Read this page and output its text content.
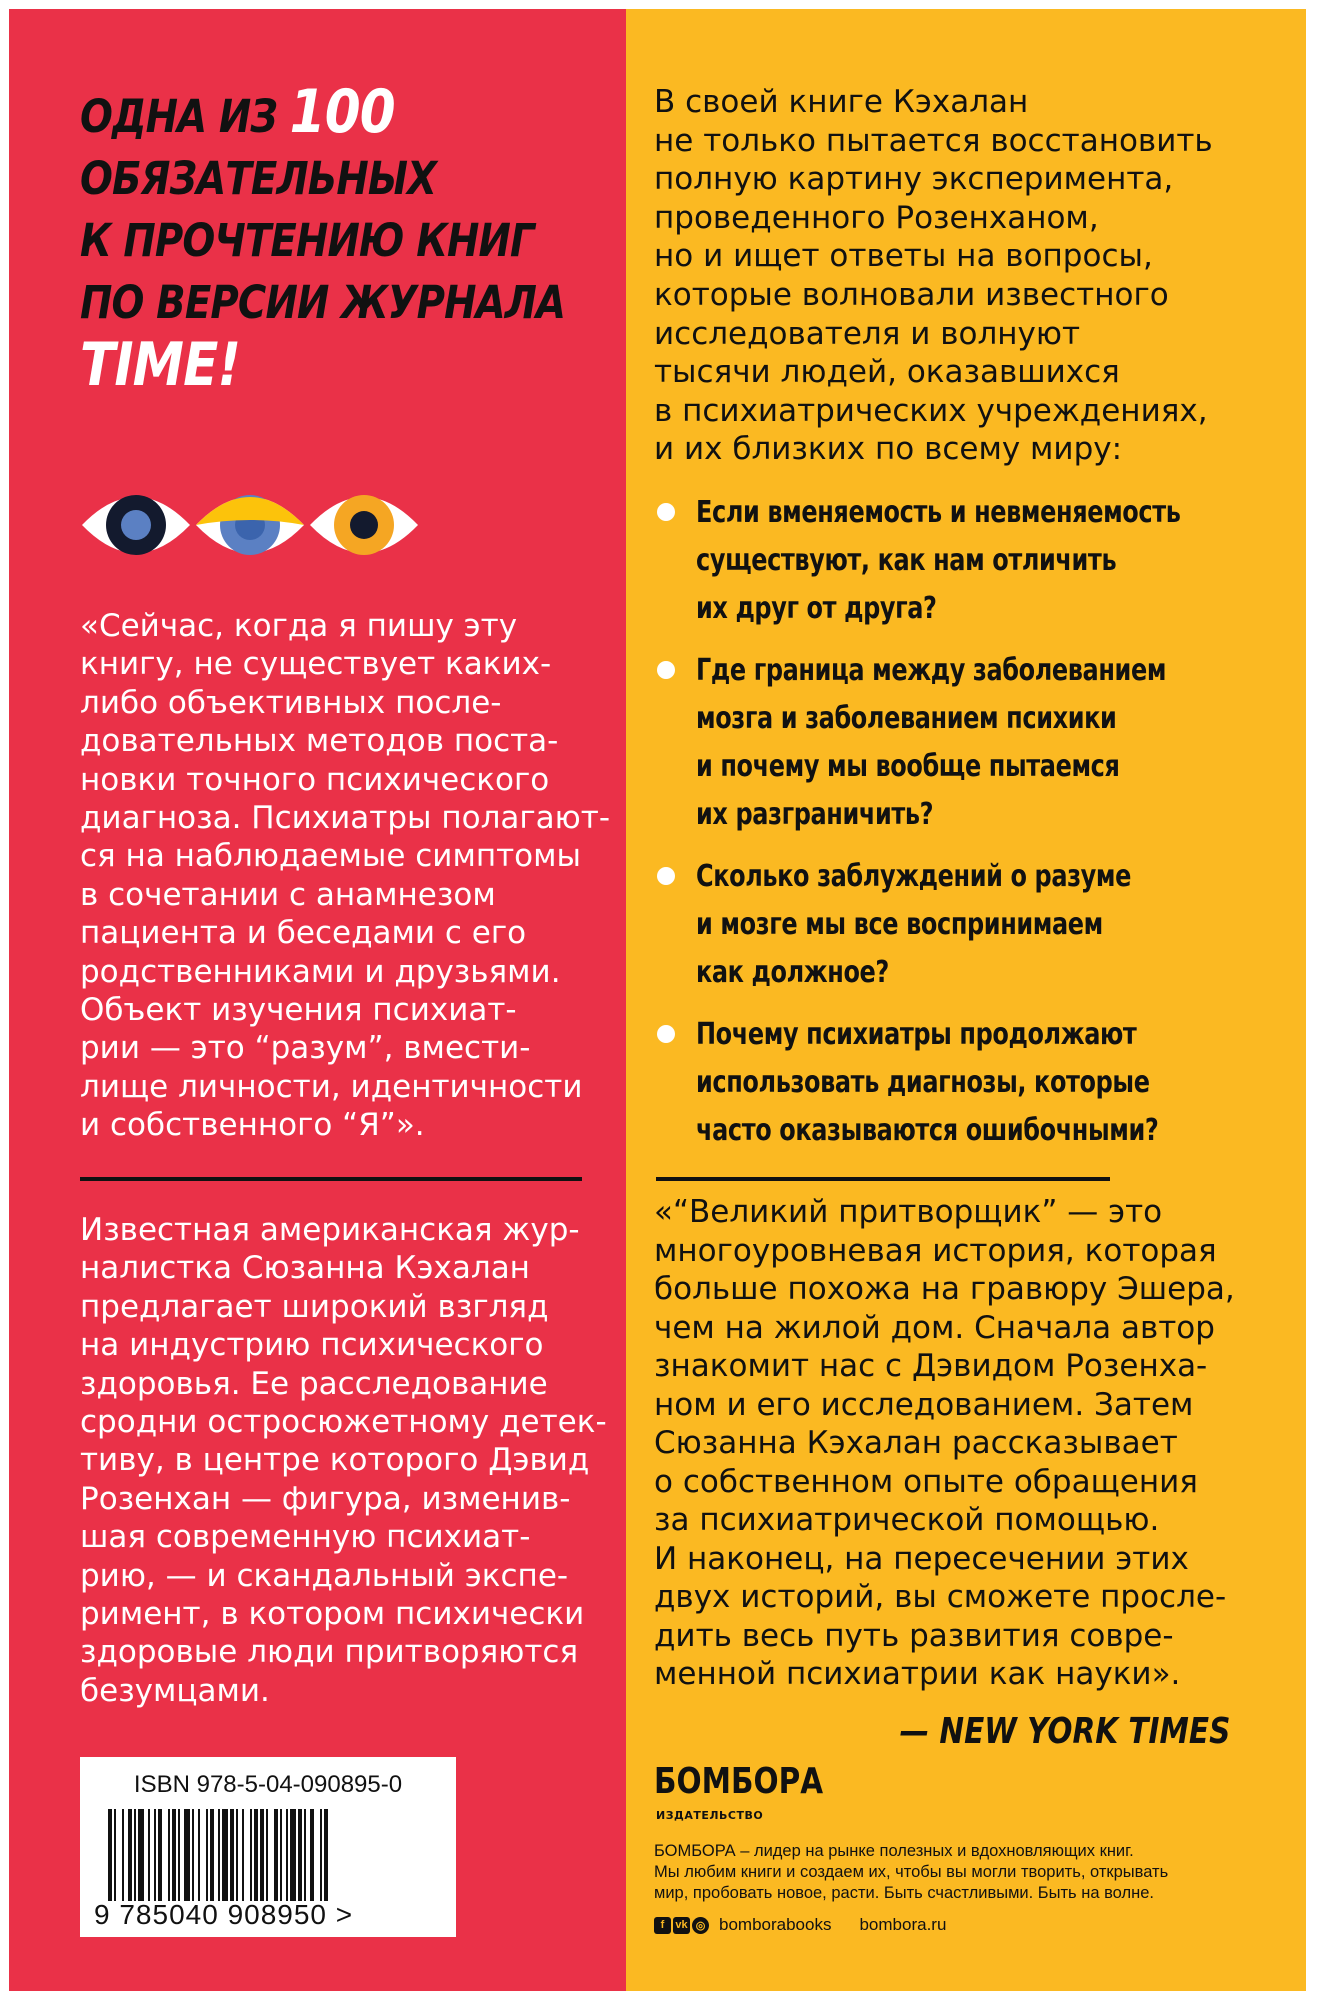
ОДНА ИЗ 100
ОБЯЗАТЕЛЬНЫХ
К ПРОЧТЕНИЮ КНИГ
ПО ВЕРСИИ ЖУРНАЛА
TIME!
«Сейчас, когда я пишу эту
книгу, не существует каких-
либо объективных после-
довательных методов поста-
новки точного психического
диагноза. Психиатры полагают-
ся на наблюдаемые симптомы
в сочетании с анамнезом
пациента и беседами с его
родственниками и друзьями.
Объект изучения психиат-
рии — это “разум”, вмести-
лище личности, идентичности
и собственного “Я”».
Известная американская жур-
налистка Сюзанна Кэхалан
предлагает широкий взгляд
на индустрию психического
здоровья. Ее расследование
сродни остросюжетному детек-
тиву, в центре которого Дэвид
Розенхан — фигура, изменив-
шая современную психиат-
рию, — и скандальный экспе-
римент, в котором психически
здоровые люди притворяются
безумцами.
ISBN 978-5-04-090895-0
9 785040 908950 >
В своей книге Кэхалан
не только пытается восстановить
полную картину эксперимента,
проведенного Розенханом,
но и ищет ответы на вопросы,
которые волновали известного
исследователя и волнуют
тысячи людей, оказавшихся
в психиатрических учреждениях,
и их близких по всему миру:
Если вменяемость и невменяемость
существуют, как нам отличить
их друг от друга?
Где граница между заболеванием
мозга и заболеванием психики
и почему мы вообще пытаемся
их разграничить?
Сколько заблуждений о разуме
и мозге мы все воспринимаем
как должное?
Почему психиатры продолжают
использовать диагнозы, которые
часто оказываются ошибочными?
«“Великий притворщик” — это
многоуровневая история, которая
больше похожа на гравюру Эшера,
чем на жилой дом. Сначала автор
знакомит нас с Дэвидом Розенха-
ном и его исследованием. Затем
Сюзанна Кэхалан рассказывает
о собственном опыте обращения
за психиатрической помощью.
И наконец, на пересечении этих
двух историй, вы сможете просле-
дить весь путь развития совре-
менной психиатрии как науки».
— NEW YORK TIMES
БОМБОРА
ИЗДАТЕЛЬСТВО
БОМБОРА – лидер на рынке полезных и вдохновляющих книг.
Мы любим книги и создаем их, чтобы вы могли творить, открывать
мир, пробовать новое, расти. Быть счастливыми. Быть на волне.
f	vk ◎ bomborabooks bombora.ru
